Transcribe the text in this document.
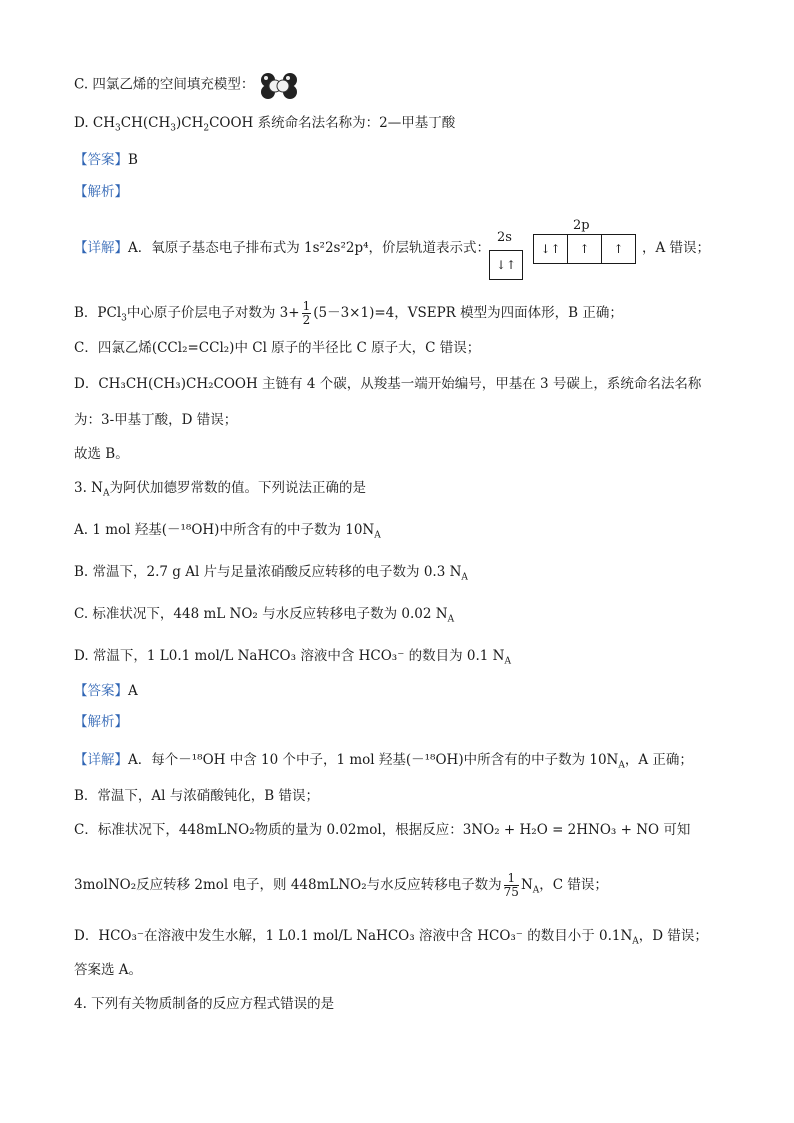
C. 四氯乙烯的空间填充模型：
D. $CH_3CH(CH_3)CH_2COOH$ 系统命名法名称为：2—甲基丁酸
【答案】B
【解析】
【详解】A．氧原子基态电子排布式为 1s²2s²2p⁴，价层轨道表示式：
2s
2p
↓↑
↓↑	↑	↑	，A 错误；
B．PCl$_3$中心原子价层电子对数为 $3+ \frac{1}{2} (5-3\times 1)=4$，VSEPR 模型为四面体形，B 正确；
C．四氯乙烯(CCl₂=CCl₂)中 Cl 原子的半径比 C 原子大，C 错误；
D．CH₃CH(CH₃)CH₂COOH 主链有 4 个碳，从羧基一端开始编号，甲基在 3 号碳上，系统命名法名称
为：3-甲基丁酸，D 错误；
故选 B。
3. $N_A$为阿伏加德罗常数的值。下列说法正确的是
A. 1 mol 羟基(－¹⁸OH)中所含有的中子数为 $10N_A$
B. 常温下，2.7 g Al 片与足量浓硝酸反应转移的电子数为 0.3 $N_A$
C. 标准状况下，448 mL NO₂ 与水反应转移电子数为 0.02 $N_A$
D. 常温下，1 L0.1 mol/L NaHCO₃ 溶液中含 HCO₃⁻ 的数目为 0.1 $N_A$
【答案】A
【解析】
【详解】A．每个－¹⁸OH 中含 10 个中子，1 mol 羟基(－¹⁸OH)中所含有的中子数为 $10N_A$，A 正确；
B．常温下，Al 与浓硝酸钝化，B 错误；
C．标准状况下，448mLNO₂物质的量为 0.02mol，根据反应：3NO₂ + H₂O = 2HNO₃ + NO 可知
3molNO₂反应转移 2mol 电子，则 448mLNO₂与水反应转移电子数为 $\frac{1}{75} N_A$，C 错误；
D．HCO₃⁻在溶液中发生水解，1 L0.1 mol/L NaHCO₃ 溶液中含 HCO₃⁻ 的数目小于 $0.1N_A$，D 错误；
答案选 A。
4. 下列有关物质制备的反应方程式错误的是
